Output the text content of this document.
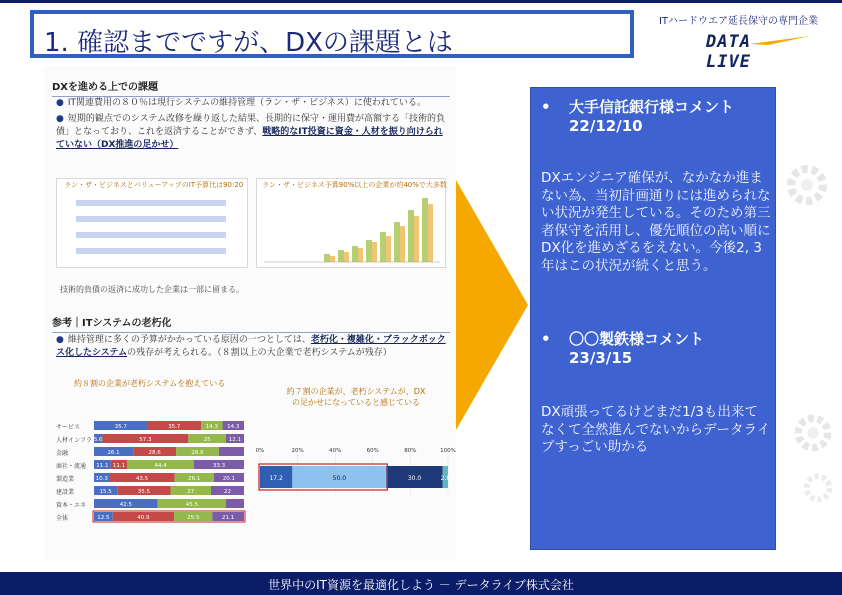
1. 確認までですが、DXの課題とは
ITハードウエア延長保守の専門企業
DATA LIVE
DXを進める上での課題
● IT関連費用の８０％は現行システムの維持管理（ラン・ザ・ビジネス）に使われている。
● 短期的観点でのシステム改修を繰り返した結果、長期的に保守・運用費が高額する「技術的負債」となっており、これを返済することができず、戦略的なIT投資に資金・人材を振り向けられていない（DX推進の足かせ）
ラン・ザ・ビジネスとバリューアップのIT予算比は90:20	ラン・ザ・ビジネス予算90%以上の企業が約40%で大多数
技術的負債の返済に成功した企業は一部に留まる。
参考｜ITシステムの老朽化
● 維持管理に多くの予算がかかっている原因の一つとしては、老朽化・複雑化・ブラックボックス化したシステムの残存が考えられる。（８割以上の大企業で老朽システムが残存）
約８割の企業が老朽システムを抱えている
約７割の企業が、老朽システムが、DXの足かせになっていると感じている
サービス	35.7	35.7	14.3 14.3
人材インフラ 5.6	57.3	25	12.1
金融	26.1	28.6	28.6
商社・流通 11.1 11.1	44.4	33.3
製造業	10.3	43.5	26.1	20.1
建設業	15.5	35.5	27	22
資本・エネ	42.5	45.5
全体	12.5	40.9	25.5	21.1
0%	20%	40%	60%	80%	100%
17.2	50.0	30.0	2.8
• 大手信託銀行様コメント
22/12/10
DXエンジニア確保が、なかなか進まない為、当初計画通りには進められない状況が発生している。そのため第三者保守を活用し、優先順位の高い順にDX化を進めざるをえない。今後2, 3年はこの状況が続くと思う。
• 〇〇製鉄様コメント
23/3/15
DX頑張ってるけどまだ1/3も出来てなくて全然進んでないからデータライブすっごい助かる
世界中のIT資源を最適化しよう － データライブ株式会社
